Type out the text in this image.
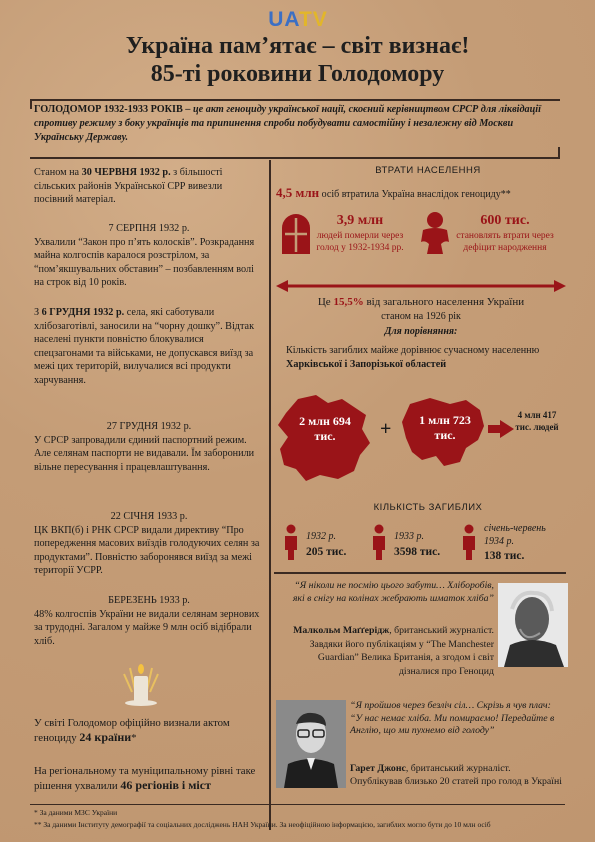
UATV
Україна пам’ятає – світ визнає!
85-ті роковини Голодомору
ГОЛОДОМОР 1932-1933 РОКІВ – це акт геноциду української нації, скоєний керівництвом СРСР для ліквідації спротиву режиму з боку українців та припинення спроби побудувати самостійну і незалежну від Москви Українську Державу.
Станом на 30 ЧЕРВНЯ 1932 р. з більшості сільських районів Української СРР вивезли посівний матеріал.
7 СЕРПНЯ 1932 р.
Ухвалили “Закон про п’ять колосків”. Розкрадання майна колгоспів каралося розстрілом, за “пом’якшувальних обставин” – позбавленням волі на строк від 10 років.
З 6 ГРУДНЯ 1932 р. села, які саботували хлібозаготівлі, заносили на “чорну дошку”. Відтак населені пункти повністю блокувалися спецзагонами та військами, не допускався виїзд за межі цих територій, вилучалися всі продукти харчування.
27 ГРУДНЯ 1932 р.
У СРСР запровадили єдиний паспортний режим. Але селянам паспорти не видавали. Їм заборонили вільне пересування і працевлаштування.
22 СІЧНЯ 1933 р.
ЦК ВКП(б) і РНК СРСР видали директиву “Про попередження масових виїздів голодуючих селян за продуктами”. Повністю заборонявся виїзд за межі території УСРР.
БЕРЕЗЕНЬ 1933 р.
48% колгоспів України не видали селянам зернових за трудодні. Загалом у майже 9 млн осіб відібрали хліб.
У світі Голодомор офіційно визнали актом геноциду 24 країни*
На регіональному та муніципальному рівні таке рішення ухвалили 46 регіонів і міст
ВТРАТИ НАСЕЛЕННЯ
4,5 млн осіб втратила Україна внаслідок геноциду**
3,9 млн
людей померли через голод у 1932-1934 рр.
600 тис.
становлять втрати через дефіцит народження
Це 15,5% від загального населення України
станом на 1926 рік
Для порівняння:
Кількість загиблих майже дорівнює сучасному населенню Харківської і Запорізької областей
2 млн 694 тис.	+	1 млн 723 тис.
4 млн 417 тис. людей
КІЛЬКІСТЬ ЗАГИБЛИХ
1932 р.
205 тис.
1933 р.
3598 тис.
січень-червень 1934 р.
138 тис.
“Я ніколи не посмію цього забути… Хліборобів, які в снігу на колінах жебрають шматок хліба”
Малкольм Маґґерідж, британський журналіст. Завдяки його публікаціям у “The Manchester Guardian” Велика Британія, а згодом і світ дізналися про Геноцид
“Я пройшов через безліч сіл… Скрізь я чув плач: “У нас немає хліба. Ми помираємо! Передайте в Англію, що ми пухнемо від голоду”
Гарет Джонс, британський журналіст. Опублікував близько 20 статей про голод в Україні
* За даними МЗС України
** За даними Інституту демографії та соціальних досліджень НАН України. За неофіційною інформацією, загиблих могло бути до 10 млн осіб
